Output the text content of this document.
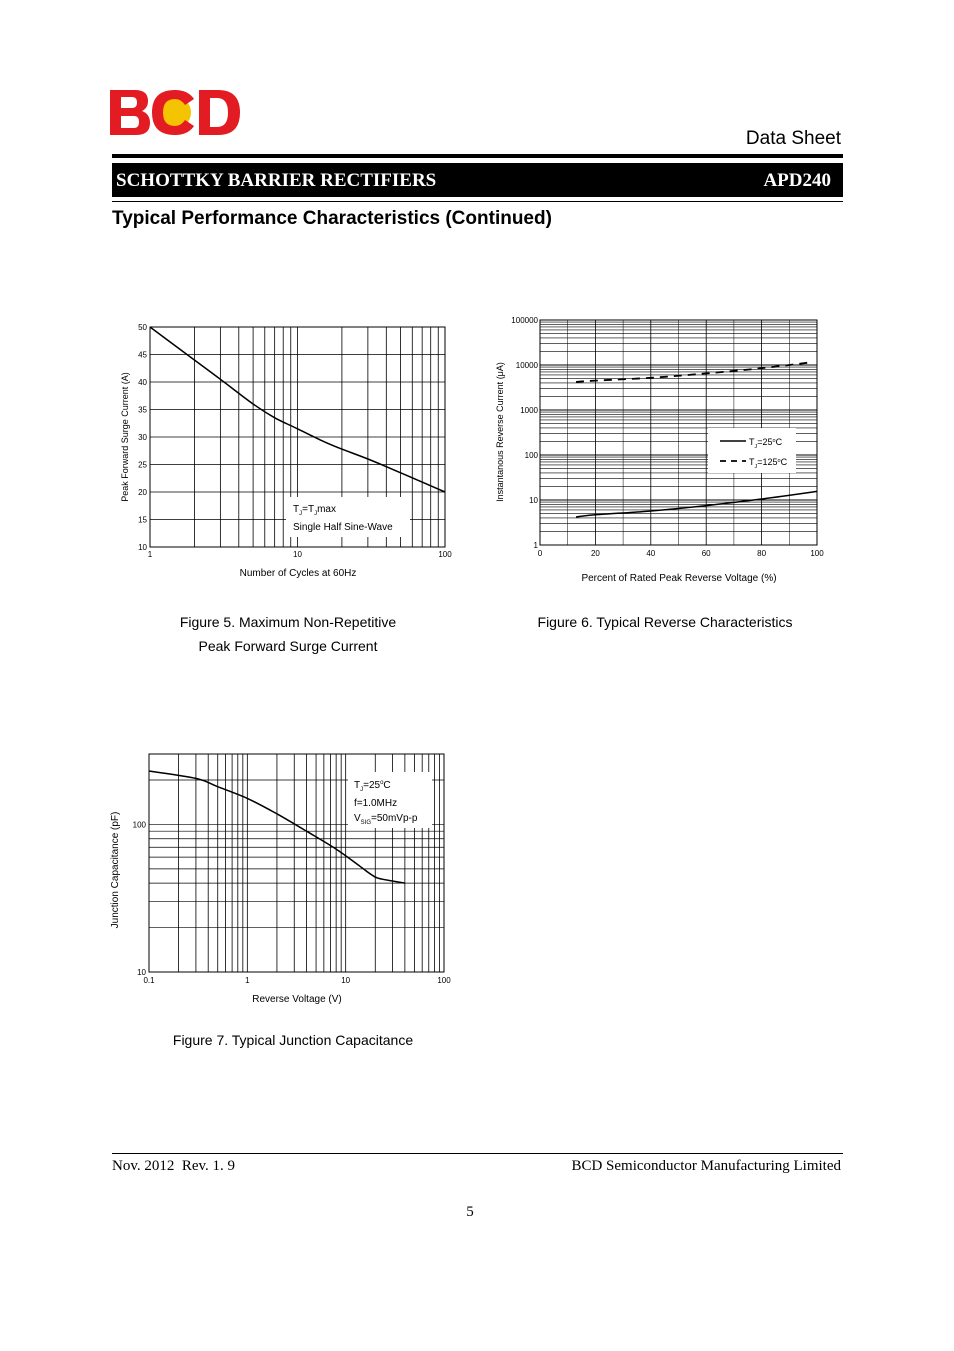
Data Sheet
SCHOTTKY BARRIER RECTIFIERS	APD240
Typical Performance Characteristics (Continued)
10
15
20
25
30
35
40
45
50
1	10	100
$T_J=T_J\max$
Single Half Sine-Wave
Number of Cycles at 60Hz
Peak Forward Surge Current (A)
Figure 5. Maximum Non-Repetitive
Peak Forward Surge Current
1
10
100
1000
10000
100000
0	20	40	60	80	100
$T_J=25^oC$
$T_J=125^oC$
Percent of Rated Peak Reverse Voltage (%)
Instantanous Reverse Current (μA)
Figure 6. Typical Reverse Characteristics
10
100
0.1	1	10	100
$T_J=25^oC$
f=1.0MHz
$V_{SIG}=50mVp-p$
Reverse Voltage (V)
Junction Capacitance (pF)
Figure 7. Typical Junction Capacitance
Nov. 2012  Rev. 1. 9	BCD Semiconductor Manufacturing Limited
5
